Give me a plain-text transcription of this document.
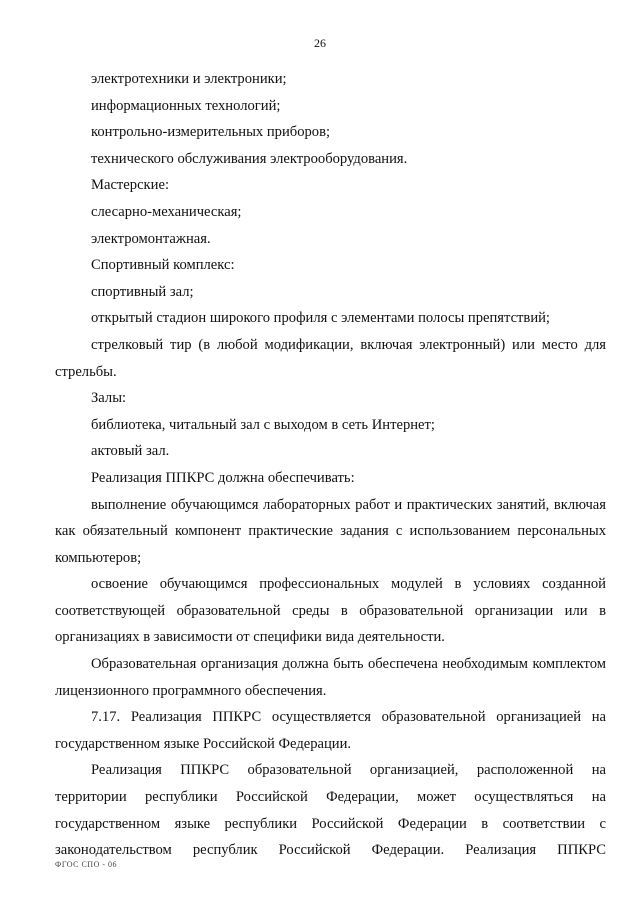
26

электротехники и электроники;

информационных технологий;

контрольно-измерительных приборов;

технического обслуживания электрооборудования.

Мастерские:

слесарно-механическая;

электромонтажная.

Спортивный комплекс:

спортивный зал;

открытый стадион широкого профиля с элементами полосы препятствий;

стрелковый тир (в любой модификации, включая электронный) или место для стрельбы.

Залы:

библиотека, читальный зал с выходом в сеть Интернет;

актовый зал.

Реализация ППКРС должна обеспечивать:

выполнение обучающимся лабораторных работ и практических занятий, включая как обязательный компонент практические задания с использованием персональных компьютеров;

освоение обучающимся профессиональных модулей в условиях созданной соответствующей образовательной среды в образовательной организации или в организациях в зависимости от специфики вида деятельности.

Образовательная организация должна быть обеспечена необходимым комплектом лицензионного программного обеспечения.

7.17. Реализация ППКРС осуществляется образовательной организацией на государственном языке Российской Федерации.

Реализация ППКРС образовательной организацией, расположенной на территории республики Российской Федерации, может осуществляться на государственном языке республики Российской Федерации в соответствии с законодательством республик Российской Федерации. Реализация ППКРС

ФГОС СПО - 06
